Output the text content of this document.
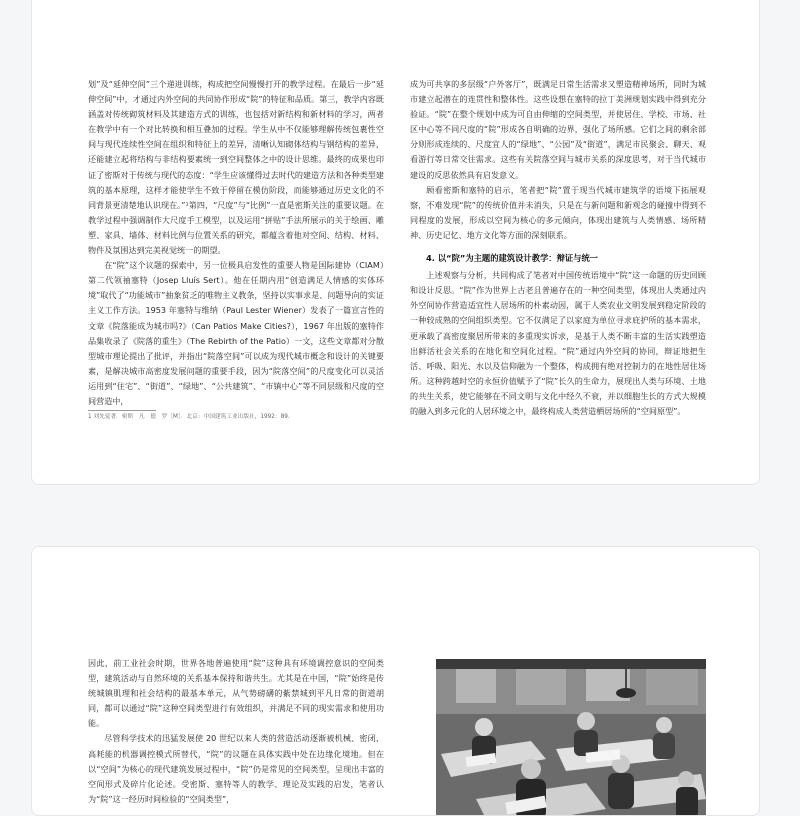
划”及“延伸空间”三个递进训练，构成把空间慢慢打开的教学过程。在最后一步“延伸空间”中，才通过内外空间的共同协作形成“院”的特征和品质。第三，教学内容既涵盖对传统砌筑材料及其建造方式的训练，也包括对新结构和新材料的学习，两者在教学中有一个对比转换和相互叠加的过程。学生从中不仅能够理解传统包裹性空间与现代连续性空间在组织和特征上的差异，清晰认知砌体结构与钢结构的差异，还能建立起将结构与非结构要素统一到空间整体之中的设计思维。最终的成果也印证了密斯对于传统与现代的态度：“学生应该懂得过去时代的建造方法和各种类型建筑的基本原理，这样才能使学生不致于停留在模仿阶段，而能够通过历史文化的不同背景更清楚地认识现在。”¹第四，“尺度”与“比例”一直是密斯关注的重要议题。在教学过程中强调制作大尺度手工模型，以及运用“拼贴”手法所展示的关于绘画、雕塑、家具、墙体、材料比例与位置关系的研究，都蕴含着他对空间、结构、材料、物件及氛围达到完美视觉统一的期望。

在“院”这个议题的探索中，另一位极具启发性的重要人物是国际建协（CIAM）第二代领袖塞特（Josep Lluís Sert）。他在任期内用“创造满足人情感的实体环境”取代了“功能城市”抽象贫乏的唯物主义教条，坚持以实事求是、问题导向的实证主义工作方法。1953 年塞特与维纳（Paul Lester Wiener）发表了一篇宣言性的文章《院落能成为城市吗?》（Can Patios Make Cities?），1967 年出版的塞特作品集收录了《院落的重生》（The Rebirth of the Patio）一文，这些文章都对分散型城市理论提出了批评，并指出“院落空间”可以成为现代城市概念和设计的关键要素，是解决城市高密度发展问题的重要手段，因为“院落空间”的尺度变化可以灵活运用到“住宅”、“街道”、“绿地”、“公共建筑”、“市镇中心”等不同层级和尺度的空间营造中，

成为可共享的多层级“户外客厅”，既满足日常生活需求又塑造精神场所，同时为城市建立起潜在的连贯性和整体性。这些设想在塞特的拉丁美洲规划实践中得到充分验证。“院”在整个规划中成为可自由伸缩的空间类型，并使居住、学校、市场、社区中心等不同尺度的“院”形成各自明确的边界，强化了场所感。它们之间的剩余部分则形成连续的、尺度宜人的“绿地”、“公园”及“街道”，满足市民聚会、聊天、观看游行等日常交往需求。这些有关院落空间与城市关系的深度思考，对于当代城市建设的反思依然具有启发意义。

顾看密斯和塞特的启示，笔者把“院”置于现当代城市建筑学的语境下拓展观察，不难发现“院”的传统价值并未消失，只是在与新问题和新观念的碰撞中得到不同程度的发展，形成以空间为核心的多元倾向，体现出建筑与人类情感、场所精神、历史记忆、地方文化等方面的深刻联系。

4. 以“院”为主题的建筑设计教学：辩证与统一

上述观察与分析，共同构成了笔者对中国传统语境中“院”这一命题的历史回顾和设计反思。“院”作为世界上古老且普遍存在的一种空间类型，体现出人类通过内外空间协作营造适宜性人居场所的朴素动因，属于人类农业文明发展到稳定阶段的一种较成熟的空间组织类型。它不仅满足了以家庭为单位寻求庇护所的基本需求，更承载了高密度聚居所带来的多重现实诉求，是基于人类不断丰富的生活实践塑造出鲜活社会关系的在地化和空间化过程。“院”通过内外空间的协同，辩证地把生活、呼吸、阳光、水以及信仰融为一个整体，构成拥有绝对控制力的在地性居住场所。这种跨越时空的永恒价值赋予了“院”长久的生命力，展现出人类与环境、土地的共生关系，使它能够在不同文明与文化中经久不衰，并以细胞生长的方式大规模的融入到多元化的人居环境之中，最终构成人类营造栖居场所的“空间原型”。

1 刘先觉著．密斯　凡　德　罗［M］．北京：中国建筑工业出版社，1992：89.

因此，前工业社会时期，世界各地普遍使用“院”这种具有环境调控意识的空间类型，建筑活动与自然环境的关系基本保持和谐共生。尤其是在中国，“院”始终是传统城镇肌理和社会结构的最基本单元，从气势磅礴的紫禁城到平凡日常的街道胡同，都可以通过“院”这种空间类型进行有效组织，并满足不同的现实需求和使用功能。

尽管科学技术的迅猛发展使 20 世纪以来人类的营造活动逐渐被机械、密闭、高耗能的机器调控模式所替代，“院”的议题在具体实践中处在边缘化境地。但在以“空间”为核心的现代建筑发展过程中，“院”仍是常见的空间类型，呈现出丰富的空间形式及碎片化论述。受密斯、塞特等人的教学、理论及实践的启发，笔者认为“院”这一经历时间检验的“空间类型”，
